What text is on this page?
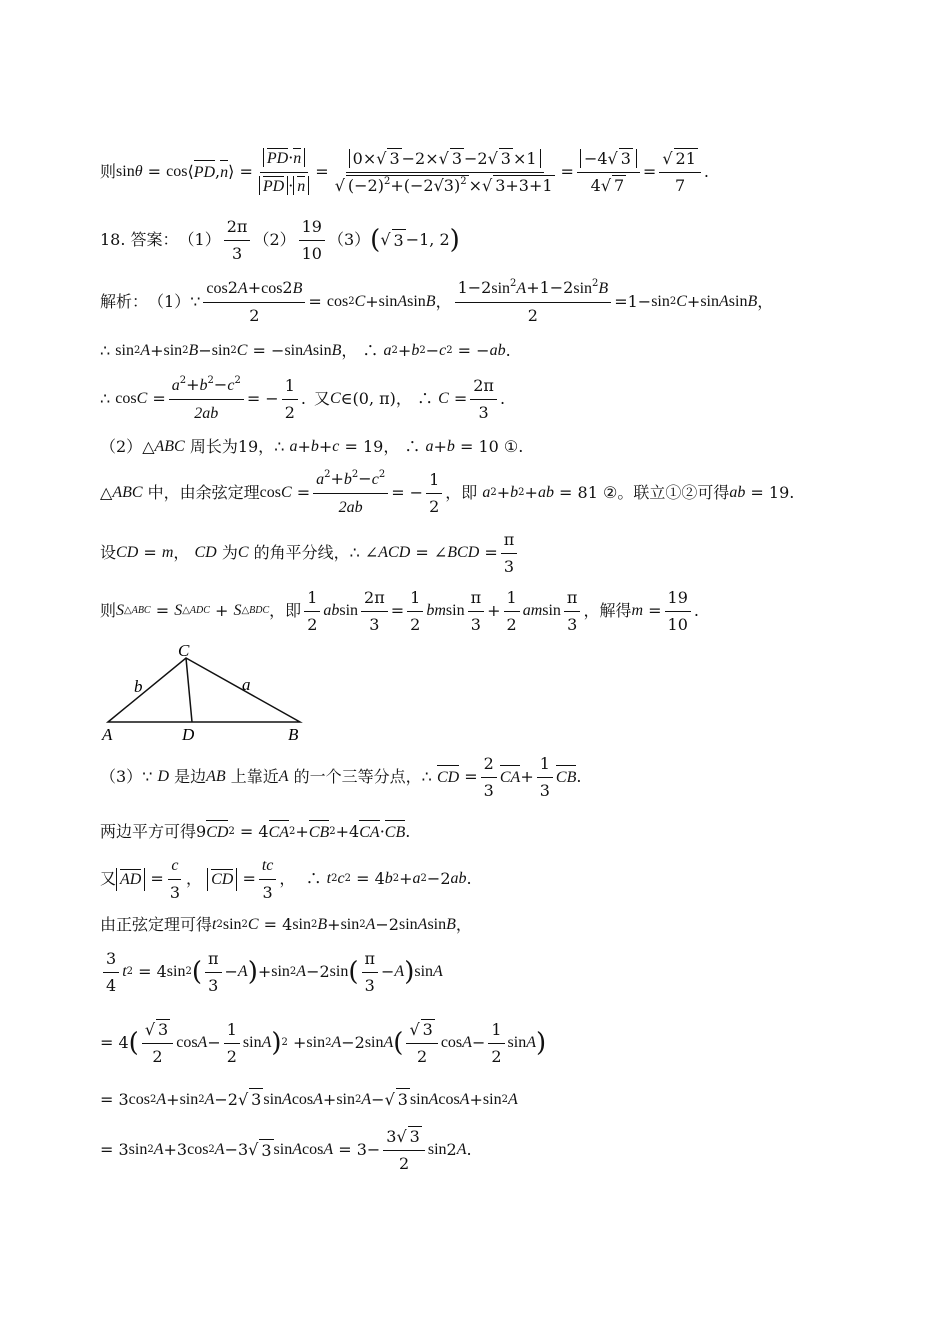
则 sin θ = cos ⟨ PD , n ⟩ = $\frac{PD\cdot n}{PD \cdot n} = \frac{0\times√ 3 -2\times√ 3 -2√ 3 \times 1}{√ (-2)^2+(-2√3)^2 \times√ 3+3+1} = \frac{-4√ 3}{4√ 7} = \frac{√ 21}{7}$ .
18. 答案： $(1) \frac{2\pi}{3} (2) \frac{19}{10} (3)$ ( √ 3 −1, 2 )
解析： （1） ∵ $\frac{\cos 2A+\cos 2B}{2} = \cos 2$ C + sin A sin B ， $\frac{1-2\sin^2A+1-2\sin^2B}{2} =1- \sin 2$ C + sin A sin B ，
∴ sin 2 A + sin 2 B − sin 2 C = − sin A sin B ， ∴ a 2 + b 2 − c 2 = − ab .
∴ $\cos C = \frac{a^2+b^2-c^2}{2ab}$ = − $\frac{1}{2}$ . 又 C ∈(0, π)， ∴ $C = \frac{2\pi}{3}$ .
（2） △ ABC
周长为19， ∴ a + b + c = 19， ∴ a + b = 10 ①.
△ ABC
中，由余弦定理 $\cos C = \frac{a^2+b^2-c^2}{2ab}$ = − $\frac{1}{2}$ ，即 a 2 + b 2 + ab = 81 ② 。联立①②可得 ab = 19.
设 CD = m ， CD
为 C
的角平分线， ∴ ∠ ACD = ∠ BCD = $\frac{\pi}{3}$
则 S △ABC = S △ADC + S △BDC ，即 $\frac{1}{2}$ ab $\sin \frac{2\pi}{3} = \frac{1}{2}$ bm $\sin \frac{\pi}{3} + \frac{1}{2}$ am $\sin \frac{\pi}{3}$ ，解得 $m = \frac{19}{10}$ .
C
A	D	B
b	a
（3） ∵ D
是边 AB
上靠近 A
的一个三等分点， ∴ CD = $\frac{2}{3}$ CA + $\frac{1}{3}$ CB .
两边平方可得 9 CD 2 = 4 CA 2 + CB 2 +4 CA · CB .
又 AD = $\frac{c}{3}$ ， CD = $\frac{tc}{3}$ ，  ∴ t 2 c 2 = 4 b 2 + a 2 −2 ab .
由正弦定理可得 t 2 sin 2 C = 4 sin 2 B + sin 2 A −2 sin A sin B ，
$\frac{3}{4}$ t 2 = 4 sin 2 ( $\frac{\pi}{3} - A$ ) + sin 2 A −2 sin ( $\frac{\pi}{3} - A$ ) sin A
= 4 ( $\frac{√ 3}{2}$ $\cos A - \frac{1}{2}$ sin A ) 2 + sin 2 A −2 sin A ( $\frac{√ 3}{2}$ $\cos A - \frac{1}{2}$ sin A )
= 3 cos 2 A + sin 2 A −2√ 3 sin A cos A + sin 2 A −√ 3 sin A cos A + sin 2 A
= 3 sin 2 A +3 cos 2 A −3√ 3 sin A $\cos A = 3- \frac{3√ 3}{2}$ sin 2 A .
